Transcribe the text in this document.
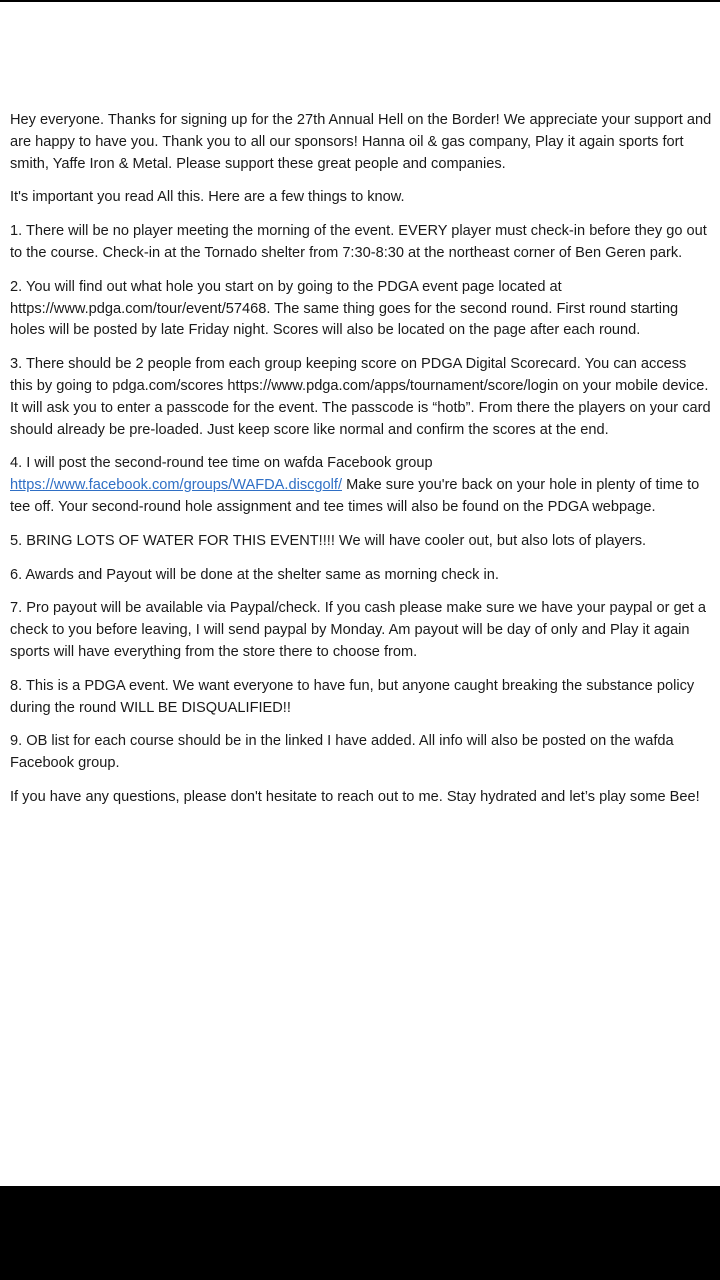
Hey everyone. Thanks for signing up for the 27th Annual Hell on the Border! We appreciate your support and are happy to have you. Thank you to all our sponsors! Hanna oil & gas company, Play it again sports fort smith, Yaffe Iron & Metal. Please support these great people and companies.

It's important you read All this. Here are a few things to know.

1. There will be no player meeting the morning of the event. EVERY player must check-in before they go out to the course. Check-in at the Tornado shelter from 7:30-8:30 at the northeast corner of Ben Geren park.

2. You will find out what hole you start on by going to the PDGA event page located at https://www.pdga.com/tour/event/57468. The same thing goes for the second round. First round starting holes will be posted by late Friday night. Scores will also be located on the page after each round.

3. There should be 2 people from each group keeping score on PDGA Digital Scorecard. You can access this by going to pdga.com/scores https://www.pdga.com/apps/tournament/score/login on your mobile device. It will ask you to enter a passcode for the event. The passcode is “hotb”. From there the players on your card should already be pre-loaded. Just keep score like normal and confirm the scores at the end.

4. I will post the second-round tee time on wafda Facebook group
https://www.facebook.com/groups/WAFDA.discgolf/ Make sure you're back on your hole in plenty of time to tee off. Your second-round hole assignment and tee times will also be found on the PDGA webpage.

5. BRING LOTS OF WATER FOR THIS EVENT!!!! We will have cooler out, but also lots of players.

6. Awards and Payout will be done at the shelter same as morning check in.

7. Pro payout will be available via Paypal/check. If you cash please make sure we have your paypal or get a check to you before leaving, I will send paypal by Monday. Am payout will be day of only and Play it again sports will have everything from the store there to choose from.

8. This is a PDGA event. We want everyone to have fun, but anyone caught breaking the substance policy during the round WILL BE DISQUALIFIED!!

9. OB list for each course should be in the linked I have added. All info will also be posted on the wafda Facebook group.

If you have any questions, please don't hesitate to reach out to me. Stay hydrated and let’s play some Bee!
